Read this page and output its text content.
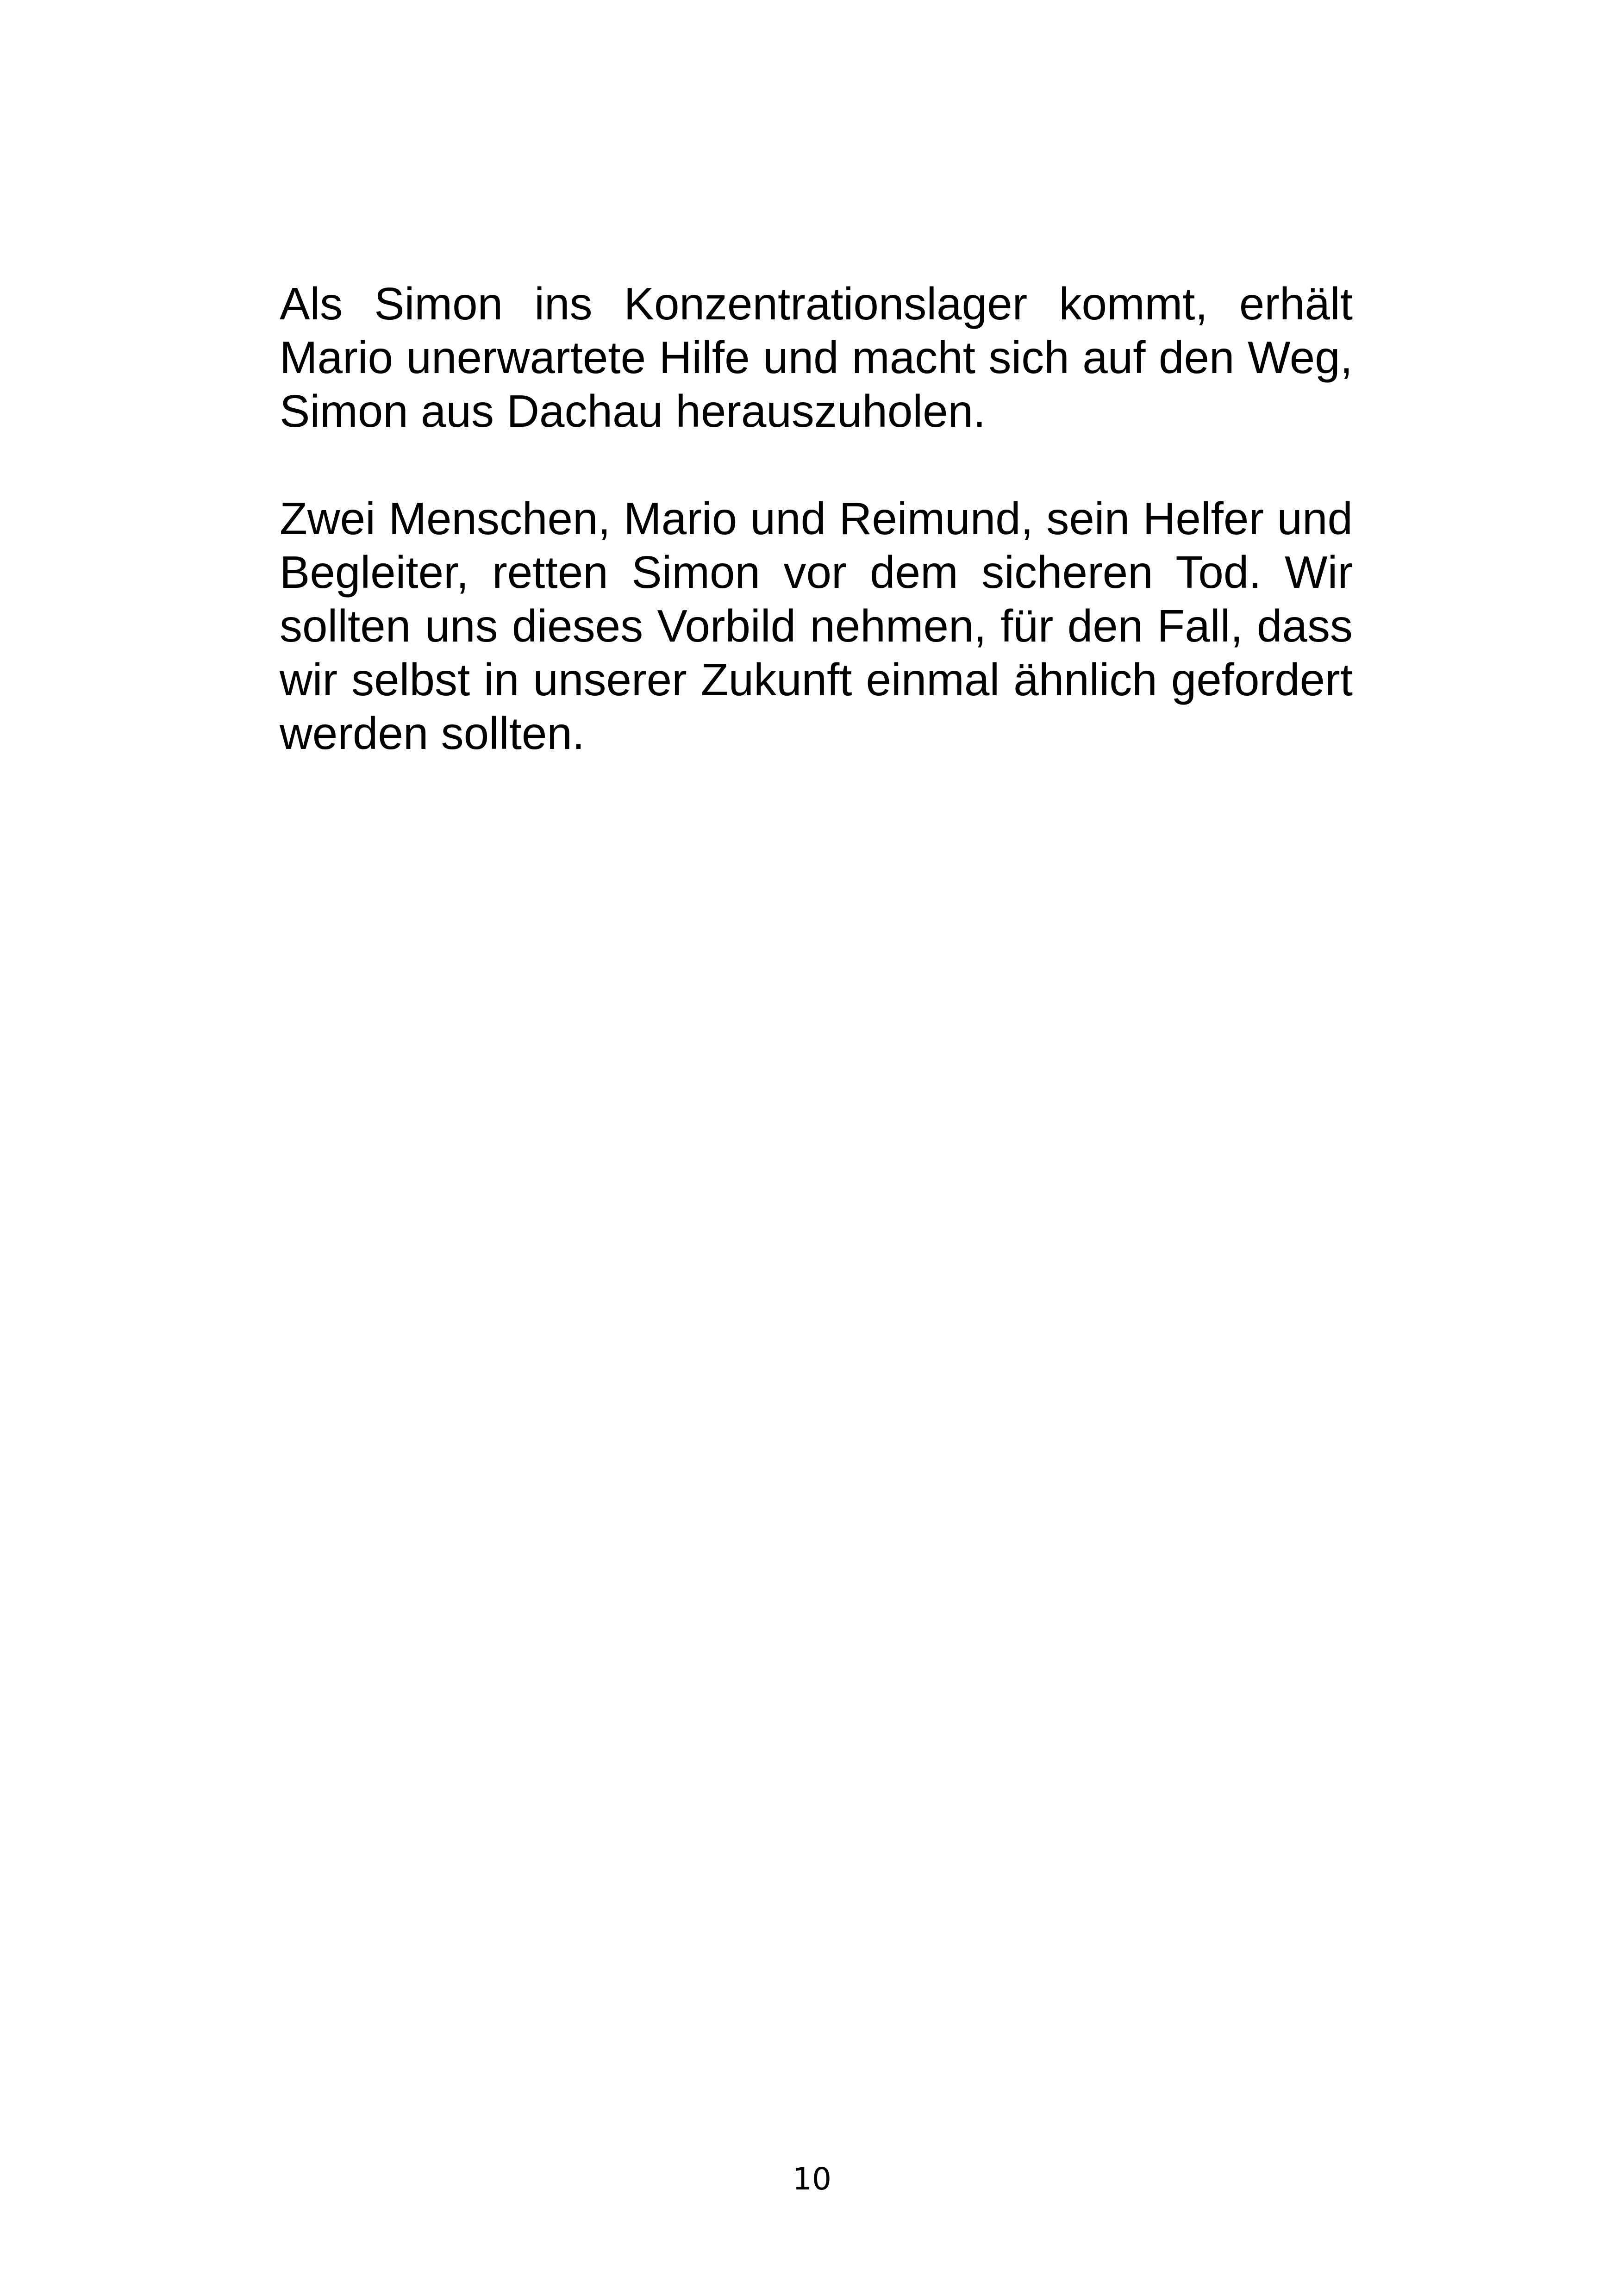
Als Simon ins Konzentrationslager kommt, erhält Mario unerwartete Hilfe und macht sich auf den Weg, Simon aus Dachau herauszuholen.

Zwei Menschen, Mario und Reimund, sein Helfer und Begleiter, retten Simon vor dem sicheren Tod. Wir sollten uns dieses Vorbild nehmen, für den Fall, dass wir selbst in unserer Zukunft einmal ähnlich gefordert werden sollten.

10
